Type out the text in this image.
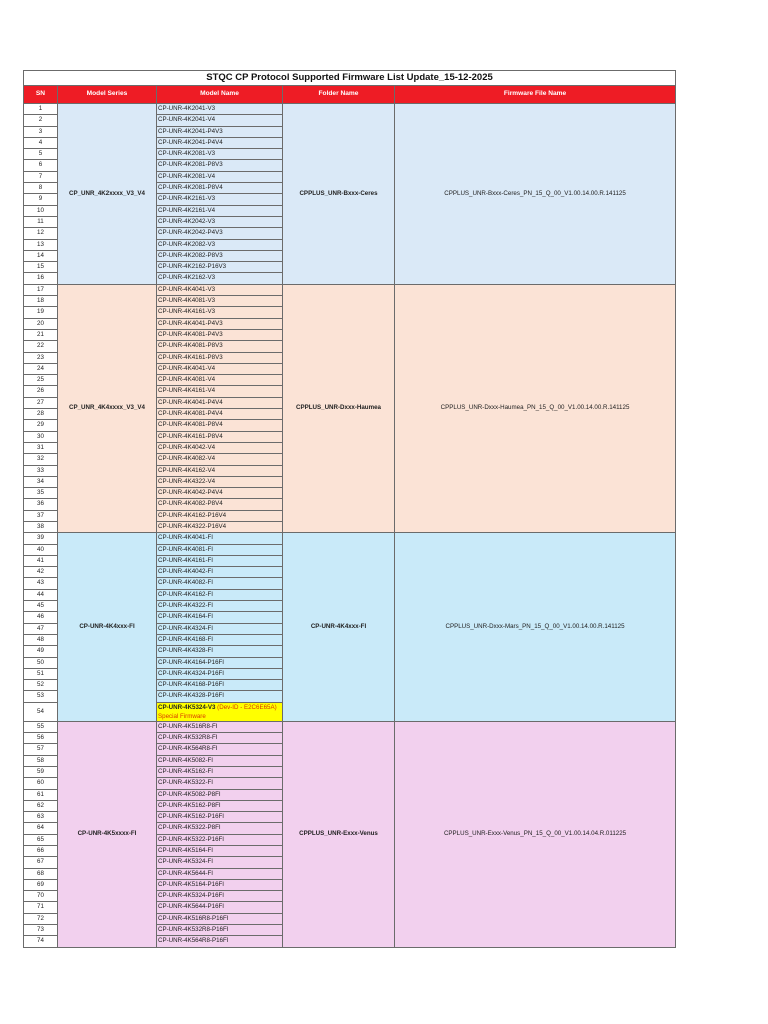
STQC CP Protocol Supported Firmware List Update_15-12-2025				
SN	Model Series	Model Name	Folder Name	Firmware File Name
1	CP_UNR_4K2xxxx_V3_V4	CP-UNR-4K2041-V3	CPPLUS_UNR-Bxxx-Ceres	CPPLUS_UNR-Bxxx-Ceres_PN_15_Q_00_V1.00.14.00.R.141125
2		CP-UNR-4K2041-V4		
3		CP-UNR-4K2041-P4V3		
4		CP-UNR-4K2041-P4V4		
5		CP-UNR-4K2081-V3		
6		CP-UNR-4K2081-P8V3		
7		CP-UNR-4K2081-V4		
8		CP-UNR-4K2081-P8V4		
9		CP-UNR-4K2161-V3		
10		CP-UNR-4K2161-V4		
11		CP-UNR-4K2042-V3		
12		CP-UNR-4K2042-P4V3		
13		CP-UNR-4K2082-V3		
14		CP-UNR-4K2082-P8V3		
15		CP-UNR-4K2162-P16V3		
16		CP-UNR-4K2162-V3		
17	CP_UNR_4K4xxxx_V3_V4	CP-UNR-4K4041-V3	CPPLUS_UNR-Dxxx-Haumea	CPPLUS_UNR-Dxxx-Haumea_PN_15_Q_00_V1.00.14.00.R.141125
18		CP-UNR-4K4081-V3		
19		CP-UNR-4K4161-V3		
20		CP-UNR-4K4041-P4V3		
21		CP-UNR-4K4081-P4V3		
22		CP-UNR-4K4081-P8V3		
23		CP-UNR-4K4161-P8V3		
24		CP-UNR-4K4041-V4		
25		CP-UNR-4K4081-V4		
26		CP-UNR-4K4161-V4		
27		CP-UNR-4K4041-P4V4		
28		CP-UNR-4K4081-P4V4		
29		CP-UNR-4K4081-P8V4		
30		CP-UNR-4K4161-P8V4		
31		CP-UNR-4K4042-V4		
32		CP-UNR-4K4082-V4		
33		CP-UNR-4K4162-V4		
34		CP-UNR-4K4322-V4		
35		CP-UNR-4K4042-P4V4		
36		CP-UNR-4K4082-P8V4		
37		CP-UNR-4K4162-P16V4		
38		CP-UNR-4K4322-P16V4		
39	CP-UNR-4K4xxx-FI	CP-UNR-4K4041-FI	CP-UNR-4K4xxx-FI	CPPLUS_UNR-Dxxx-Mars_PN_15_Q_00_V1.00.14.00.R.141125
40		CP-UNR-4K4081-FI		
41		CP-UNR-4K4161-FI		
42		CP-UNR-4K4042-FI		
43		CP-UNR-4K4082-FI		
44		CP-UNR-4K4162-FI		
45		CP-UNR-4K4322-FI		
46		CP-UNR-4K4164-FI		
47		CP-UNR-4K4324-FI		
48		CP-UNR-4K4168-FI		
49		CP-UNR-4K4328-FI		
50		CP-UNR-4K4164-P16FI		
51		CP-UNR-4K4324-P16FI		
52		CP-UNR-4K4168-P16FI		
53		CP-UNR-4K4328-P16FI		
54		CP-UNR-4K5324-V3 (Dev-ID - E2C6E65A)
Special Firmware		
55	CP-UNR-4K5xxxx-FI	CP-UNR-4K516R8-FI	CPPLUS_UNR-Exxx-Venus	CPPLUS_UNR-Exxx-Venus_PN_15_Q_00_V1.00.14.04.R.011225
56		CP-UNR-4K532R8-FI		
57		CP-UNR-4K564R8-FI		
58		CP-UNR-4K5082-FI		
59		CP-UNR-4K5162-FI		
60		CP-UNR-4K5322-FI		
61		CP-UNR-4K5082-P8FI		
62		CP-UNR-4K5162-P8FI		
63		CP-UNR-4K5162-P16FI		
64		CP-UNR-4K5322-P8FI		
65		CP-UNR-4K5322-P16FI		
66		CP-UNR-4K5164-FI		
67		CP-UNR-4K5324-FI		
68		CP-UNR-4K5644-FI		
69		CP-UNR-4K5164-P16FI		
70		CP-UNR-4K5324-P16FI		
71		CP-UNR-4K5644-P16FI		
72		CP-UNR-4K516R8-P16FI		
73		CP-UNR-4K532R8-P16FI		
74		CP-UNR-4K564R8-P16FI		
